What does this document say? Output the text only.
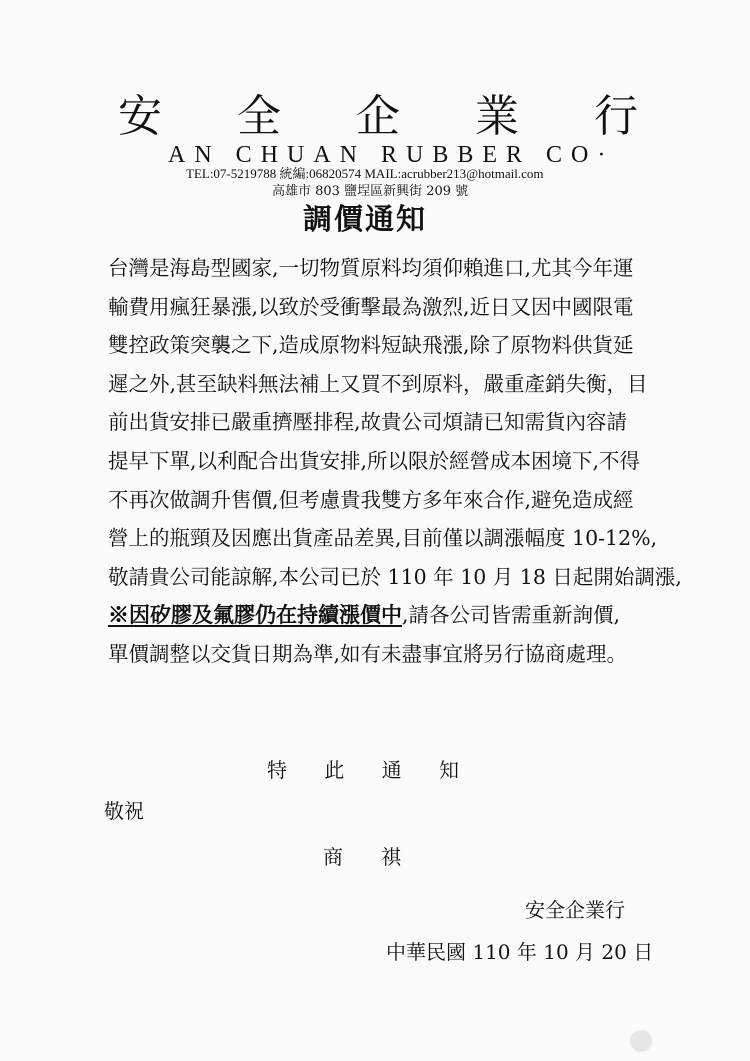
安 全 企 業 行
AN CHUAN RUBBER CO·
TEL:07-5219788 統編:06820574 MAIL:acrubber213@hotmail.com
高雄市 803 鹽埕區新興街 209 號
調價通知
台灣是海島型國家,一切物質原料均須仰賴進口,尤其今年運
輸費用瘋狂暴漲,以致於受衝擊最為激烈,近日又因中國限電
雙控政策突襲之下,造成原物料短缺飛漲,除了原物料供貨延
遲之外,甚至缺料無法補上又買不到原料，嚴重產銷失衡，目
前出貨安排已嚴重擠壓排程,故貴公司煩請已知需貨內容請
提早下單,以利配合出貨安排,所以限於經營成本困境下,不得
不再次做調升售價,但考慮貴我雙方多年來合作,避免造成經
營上的瓶頸及因應出貨產品差異,目前僅以調漲幅度 10-12%,
敬請貴公司能諒解,本公司已於 110 年 10 月 18 日起開始調漲,
※因矽膠及氟膠仍在持續漲價中,請各公司皆需重新詢價,
單價調整以交貨日期為準,如有未盡事宜將另行協商處理。
特 此 通 知
敬祝
商 祺
安全企業行
中華民國 110 年 10 月 20 日
